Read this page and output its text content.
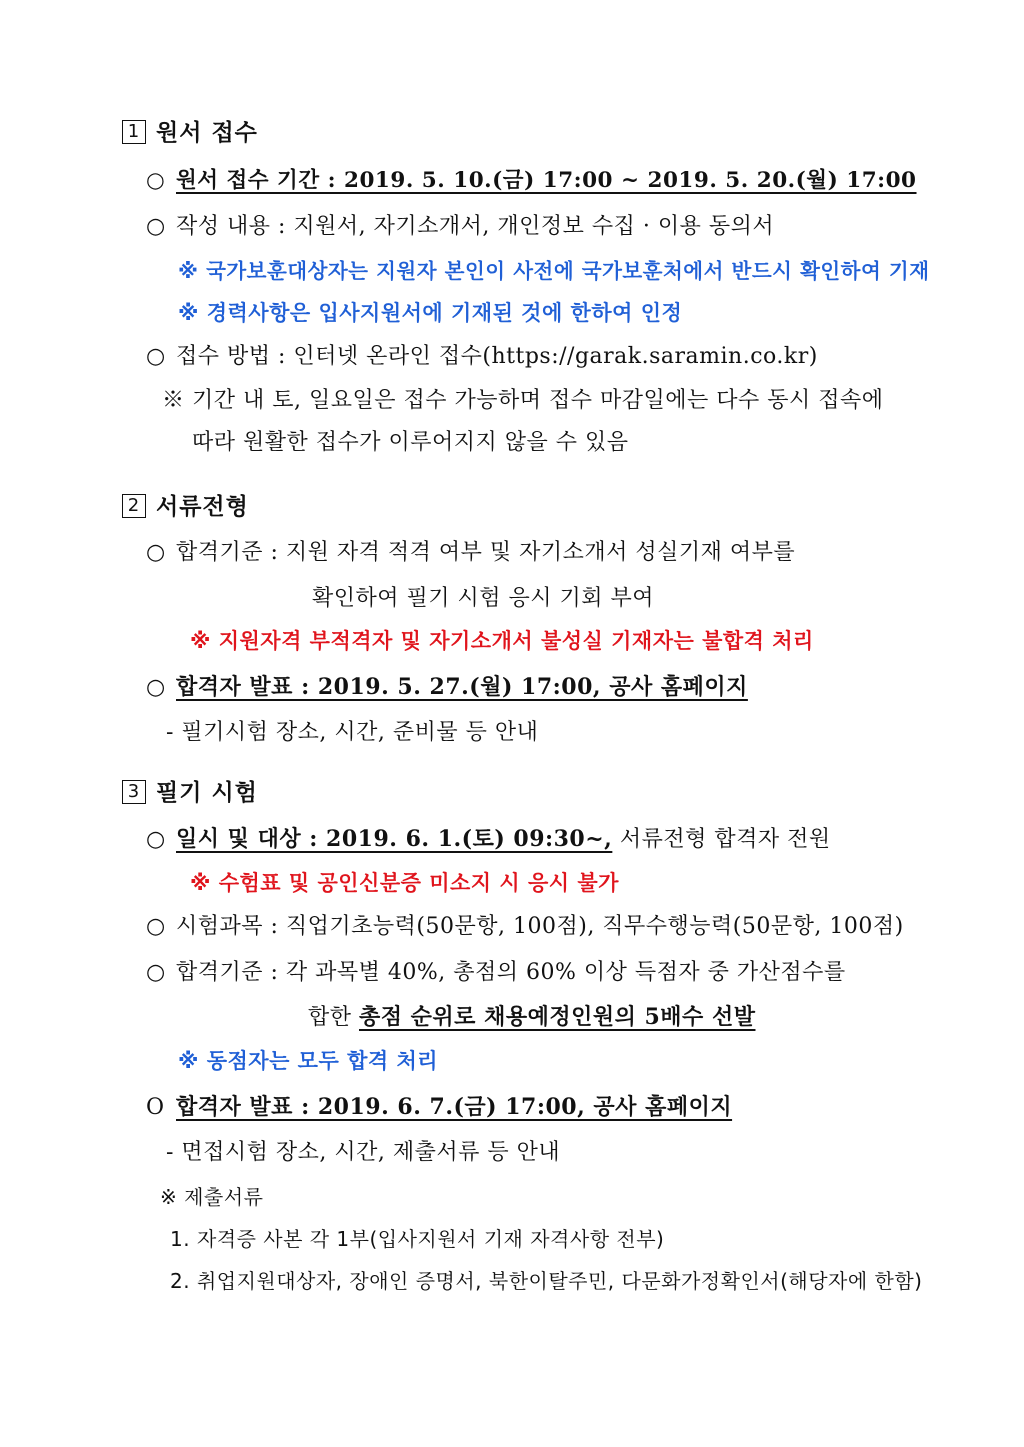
1 원서 접수
○ 원서 접수 기간 : 2019. 5. 10.(금) 17:00 ~ 2019. 5. 20.(월) 17:00
○ 작성 내용 : 지원서, 자기소개서, 개인정보 수집 · 이용 동의서
※ 국가보훈대상자는 지원자 본인이 사전에 국가보훈처에서 반드시 확인하여 기재
※ 경력사항은 입사지원서에 기재된 것에 한하여 인정
○ 접수 방법 : 인터넷 온라인 접수(https://garak.saramin.co.kr)
※ 기간 내 토, 일요일은 접수 가능하며 접수 마감일에는 다수 동시 접속에
따라 원활한 접수가 이루어지지 않을 수 있음
2 서류전형
○ 합격기준 : 지원 자격 적격 여부 및 자기소개서 성실기재 여부를
확인하여 필기 시험 응시 기회 부여
※ 지원자격 부적격자 및 자기소개서 불성실 기재자는 불합격 처리
○ 합격자 발표 : 2019. 5. 27.(월) 17:00, 공사 홈페이지
- 필기시험 장소, 시간, 준비물 등 안내
3 필기 시험
○ 일시 및 대상 : 2019. 6. 1.(토) 09:30~, 서류전형 합격자 전원
※ 수험표 및 공인신분증 미소지 시 응시 불가
○ 시험과목 : 직업기초능력(50문항, 100점), 직무수행능력(50문항, 100점)
○ 합격기준 : 각 과목별 40%, 총점의 60% 이상 득점자 중 가산점수를
합한 총점 순위로 채용예정인원의 5배수 선발
※ 동점자는 모두 합격 처리
O 합격자 발표 : 2019. 6. 7.(금) 17:00, 공사 홈페이지
- 면접시험 장소, 시간, 제출서류 등 안내
※ 제출서류
1. 자격증 사본 각 1부(입사지원서 기재 자격사항 전부)
2. 취업지원대상자, 장애인 증명서, 북한이탈주민, 다문화가정확인서(해당자에 한함)
